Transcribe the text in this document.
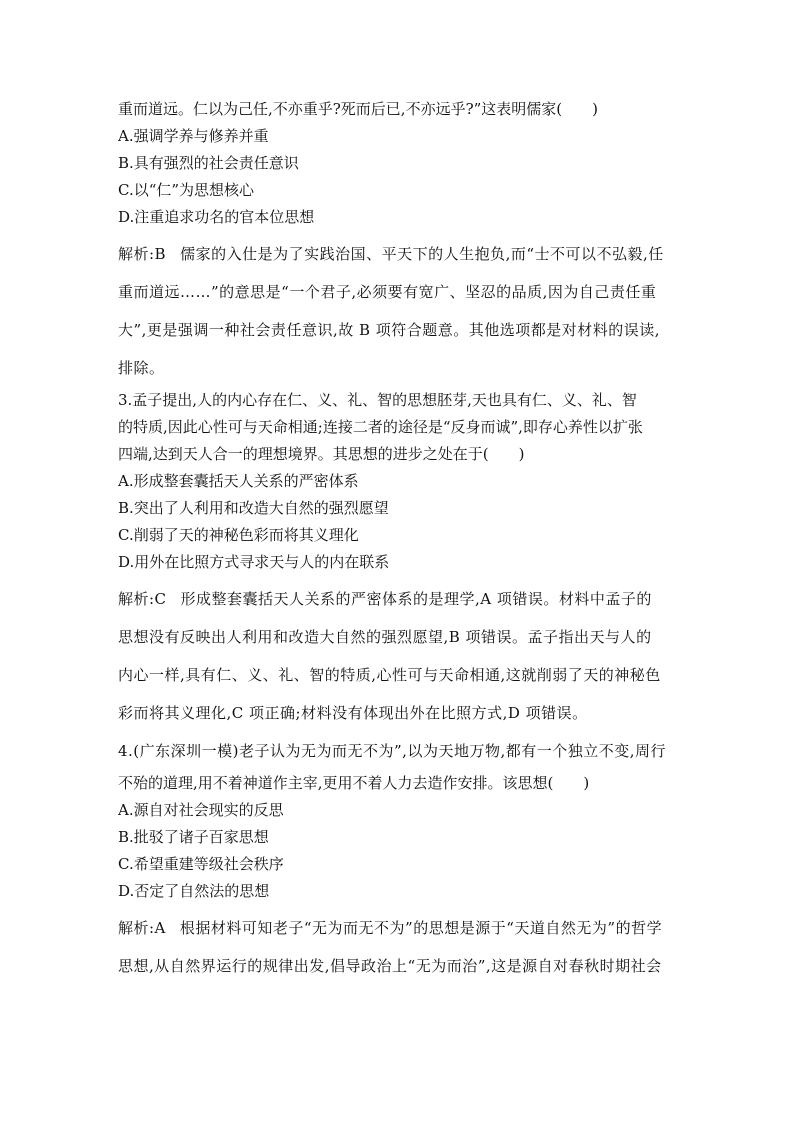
重而道远。仁以为己任,不亦重乎?死而后已,不亦远乎?”这表明儒家(　　)
A.强调学养与修养并重
B.具有强烈的社会责任意识
C.以“仁”为思想核心
D.注重追求功名的官本位思想
解析:B 儒家的入仕是为了实践治国、平天下的人生抱负,而“士不可以不弘毅,任
重而道远……”的意思是“一个君子,必须要有宽广、坚忍的品质,因为自己责任重
大”,更是强调一种社会责任意识,故 B 项符合题意。其他选项都是对材料的误读,
排除。
3.孟子提出,人的内心存在仁、义、礼、智的思想胚芽,天也具有仁、义、礼、智
的特质,因此心性可与天命相通;连接二者的途径是“反身而诚”,即存心养性以扩张
四端,达到天人合一的理想境界。其思想的进步之处在于(　　)
A.形成整套囊括天人关系的严密体系
B.突出了人利用和改造大自然的强烈愿望
C.削弱了天的神秘色彩而将其义理化
D.用外在比照方式寻求天与人的内在联系
解析:C 形成整套囊括天人关系的严密体系的是理学,A 项错误。材料中孟子的
思想没有反映出人利用和改造大自然的强烈愿望,B 项错误。孟子指出天与人的
内心一样,具有仁、义、礼、智的特质,心性可与天命相通,这就削弱了天的神秘色
彩而将其义理化,C 项正确;材料没有体现出外在比照方式,D 项错误。
4.(广东深圳一模)老子认为无为而无不为”,以为天地万物,都有一个独立不变,周行
不殆的道理,用不着神道作主宰,更用不着人力去造作安排。该思想(　　)
A.源自对社会现实的反思
B.批驳了诸子百家思想
C.希望重建等级社会秩序
D.否定了自然法的思想
解析:A 根据材料可知老子“无为而无不为”的思想是源于“天道自然无为”的哲学
思想,从自然界运行的规律出发,倡导政治上“无为而治”,这是源自对春秋时期社会
